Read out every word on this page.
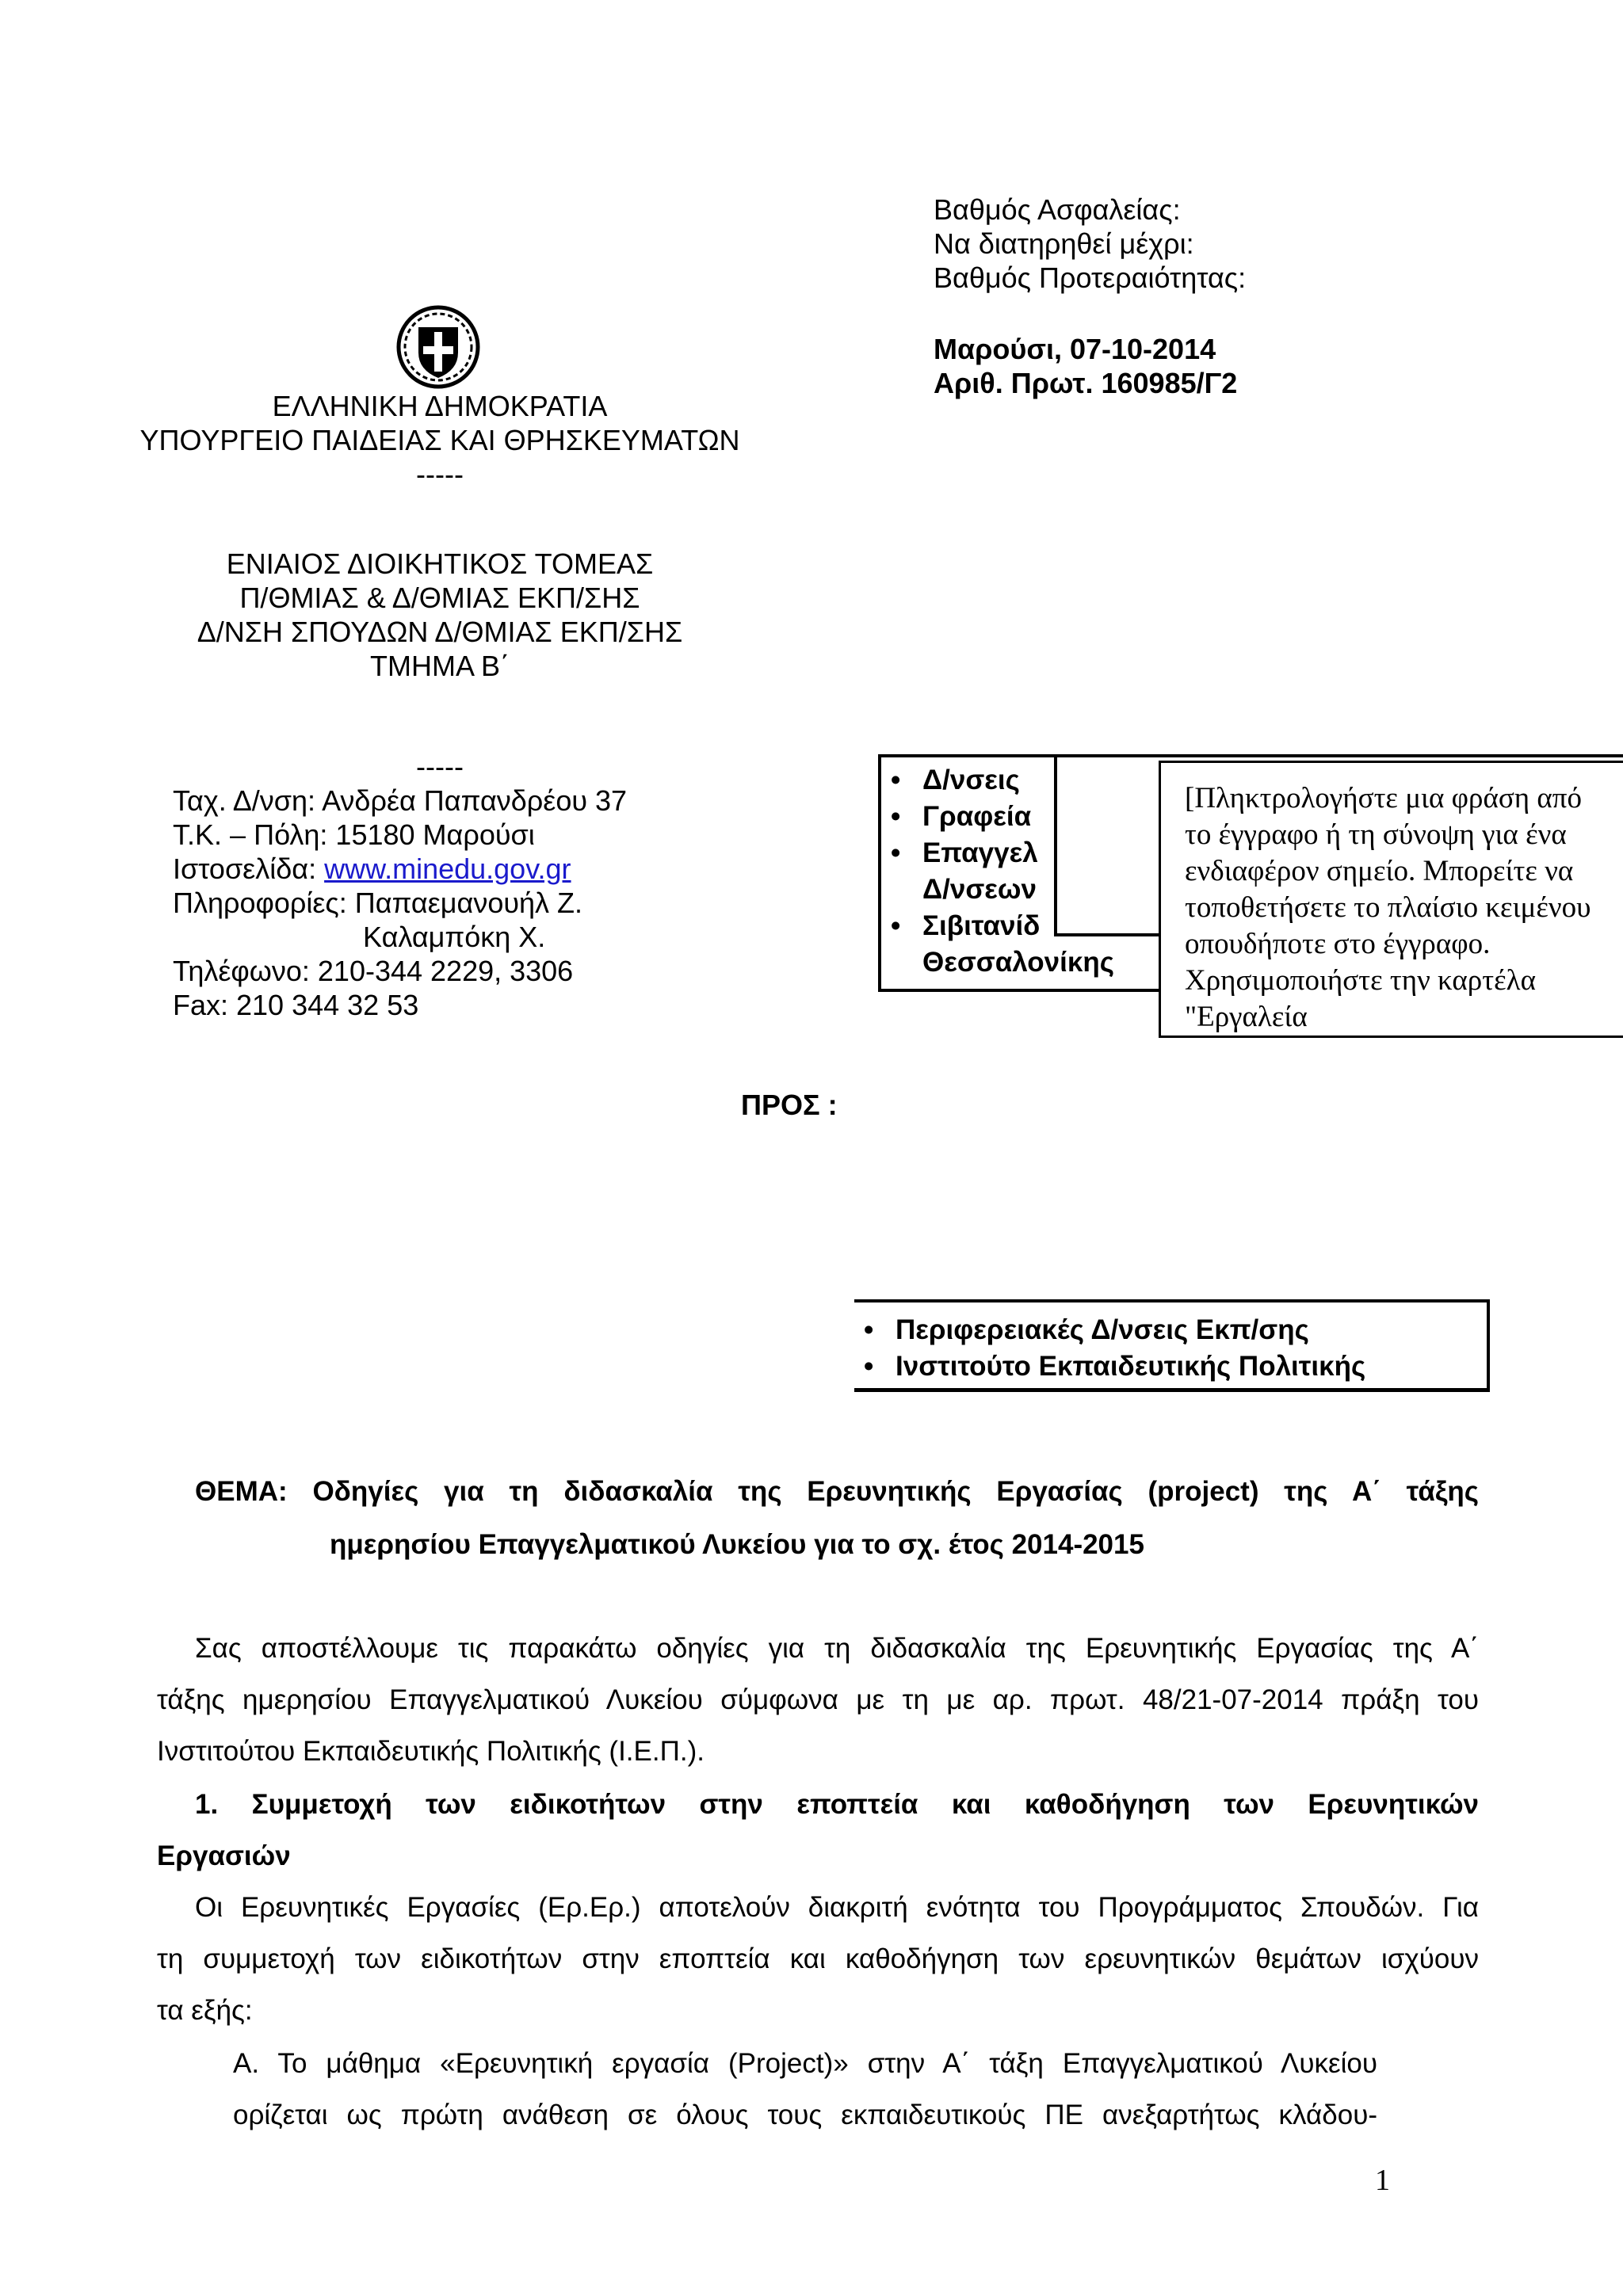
Βαθμός Ασφαλείας:
Να διατηρηθεί μέχρι:
Βαθμός Προτεραιότητας:
Μαρούσι, 07-10-2014
Αριθ. Πρωτ. 160985/Γ2
ΕΛΛΗΝΙΚΗ ΔΗΜΟΚΡΑΤΙΑ
ΥΠΟΥΡΓΕΙΟ ΠΑΙΔΕΙΑΣ ΚΑΙ ΘΡΗΣΚΕΥΜΑΤΩΝ
-----
ΕΝΙΑΙΟΣ ΔΙΟΙΚΗΤΙΚΟΣ ΤΟΜΕΑΣ
Π/ΘΜΙΑΣ & Δ/ΘΜΙΑΣ ΕΚΠ/ΣΗΣ
Δ/ΝΣΗ ΣΠΟΥΔΩΝ Δ/ΘΜΙΑΣ ΕΚΠ/ΣΗΣ
ΤΜΗΜΑ Β΄
-----
Ταχ. Δ/νση: Ανδρέα Παπανδρέου 37
Τ.Κ. – Πόλη: 15180 Μαρούσι
Ιστοσελίδα: www.minedu.gov.gr
Πληροφορίες: Παπαεμανουήλ Ζ.
Καλαμπόκη Χ.
Τηλέφωνο: 210-344 2229, 3306
Fax: 210 344 32 53
• Δ/νσεις
• Γραφεία
• Επαγγελ
Δ/νσεων
• Σιβιτανίδ
Θεσσαλονίκης
[Πληκτρολογήστε μια φράση από το έγγραφο ή τη σύνοψη για ένα ενδιαφέρον σημείο. Μπορείτε να τοποθετήσετε το πλαίσιο κειμένου οπουδήποτε στο έγγραφο. Χρησιμοποιήστε την καρτέλα "Εργαλεία
ΠΡΟΣ :
• Περιφερειακές Δ/νσεις Εκπ/σης
• Ινστιτούτο Εκπαιδευτικής Πολιτικής
ΘΕΜΑ: Οδηγίες για τη διδασκαλία της Ερευνητικής Εργασίας (project) της Α΄ τάξης
ημερησίου Επαγγελματικού Λυκείου για το σχ. έτος 2014-2015
Σας αποστέλλουμε τις παρακάτω οδηγίες για τη διδασκαλία της Ερευνητικής Εργασίας της Α΄
τάξης ημερησίου Επαγγελματικού Λυκείου σύμφωνα με τη με αρ. πρωτ. 48/21-07-2014 πράξη του
Ινστιτούτου Εκπαιδευτικής Πολιτικής (Ι.Ε.Π.).
1. Συμμετοχή των ειδικοτήτων στην εποπτεία και καθοδήγηση των Ερευνητικών
Εργασιών
Οι Ερευνητικές Εργασίες (Ερ.Ερ.) αποτελούν διακριτή ενότητα του Προγράμματος Σπουδών. Για
τη συμμετοχή των ειδικοτήτων στην εποπτεία και καθοδήγηση των ερευνητικών θεμάτων ισχύουν
τα εξής:
Α. Το μάθημα «Ερευνητική εργασία (Project)» στην Α΄ τάξη Επαγγελματικού Λυκείου
ορίζεται ως πρώτη ανάθεση σε όλους τους εκπαιδευτικούς ΠΕ ανεξαρτήτως κλάδου-
1
